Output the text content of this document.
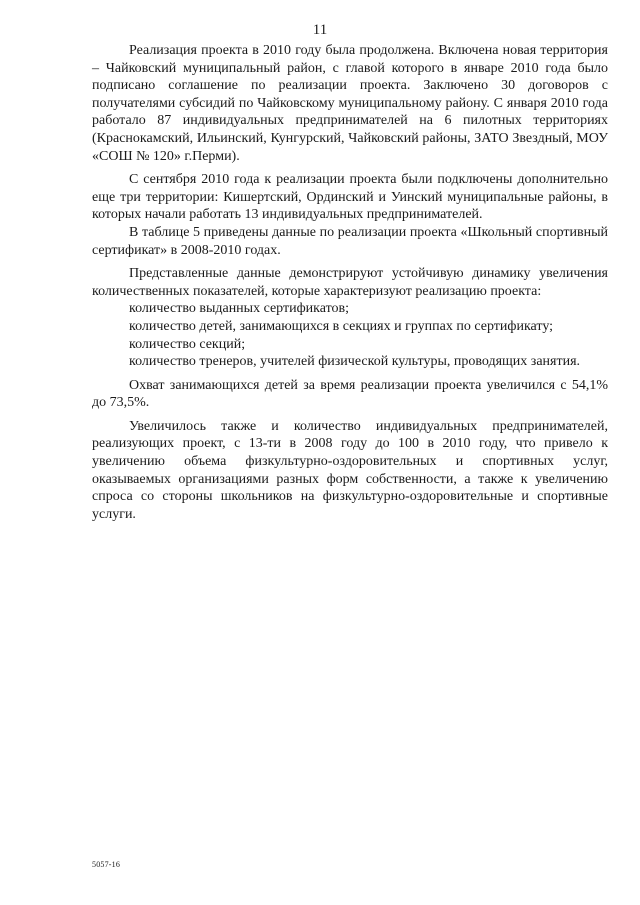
11

Реализация проекта в 2010 году была продолжена. Включена новая территория – Чайковский муниципальный район, с главой которого в январе 2010 года было подписано соглашение по реализации проекта. Заключено 30 договоров с получателями субсидий по Чайковскому муниципальному району. С января 2010 года работало 87 индивидуальных предпринимателей на 6 пилотных территориях (Краснокамский, Ильинский, Кунгурский, Чайковский районы, ЗАТО Звездный, МОУ «СОШ № 120» г.Перми).

С сентября 2010 года к реализации проекта были подключены дополнительно еще три территории: Кишертский, Ординский и Уинский муниципальные районы, в которых начали работать 13 индивидуальных предпринимателей.

В таблице 5 приведены данные по реализации проекта «Школьный спортивный сертификат» в 2008-2010 годах.

Представленные данные демонстрируют устойчивую динамику увеличения количественных показателей, которые характеризуют реализацию проекта:

количество выданных сертификатов;

количество детей, занимающихся в секциях и группах по сертификату;

количество секций;

количество тренеров, учителей физической культуры, проводящих занятия.

Охват занимающихся детей за время реализации проекта увеличился с 54,1% до 73,5%.

Увеличилось также и количество индивидуальных предпринимателей, реализующих проект, с 13-ти в 2008 году до 100 в 2010 году, что привело к увеличению объема физкультурно-оздоровительных и спортивных услуг, оказываемых организациями разных форм собственности, а также к увеличению спроса со стороны школьников на физкультурно-оздоровительные и спортивные услуги.

5057-16
